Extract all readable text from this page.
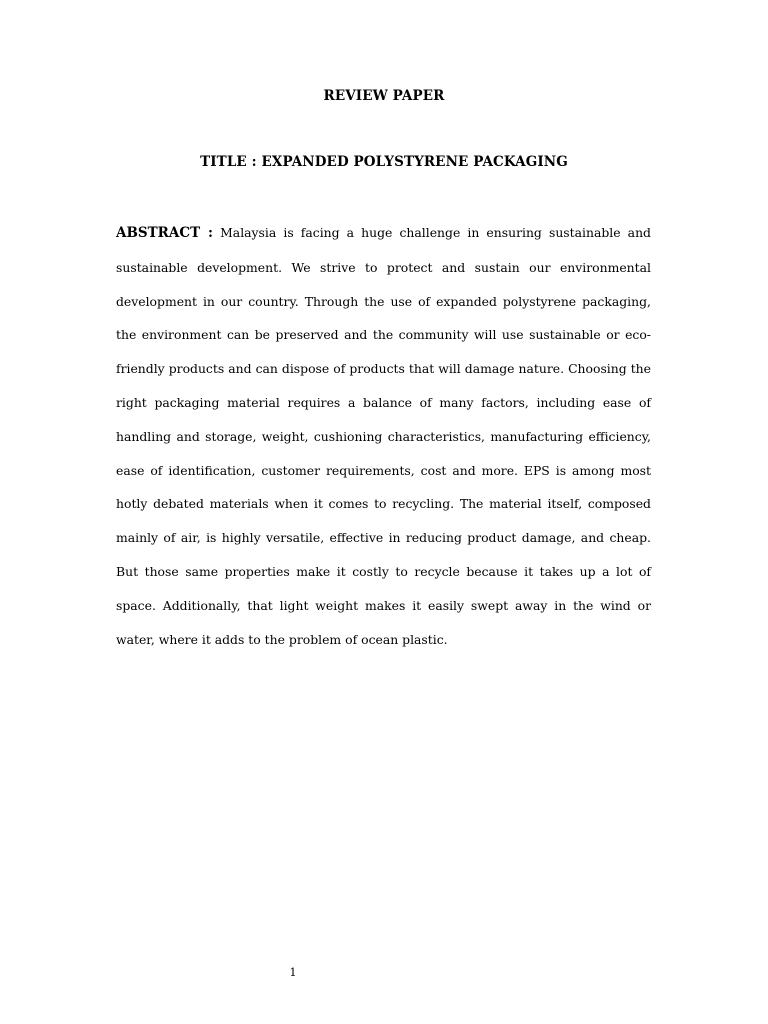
REVIEW PAPER
TITLE : EXPANDED POLYSTYRENE PACKAGING
ABSTRACT : Malaysia is facing a huge challenge in ensuring sustainable and sustainable development. We strive to protect and sustain our environmental development in our country. Through the use of expanded polystyrene packaging, the environment can be preserved and the community will use sustainable or eco-friendly products and can dispose of products that will damage nature. Choosing the right packaging material requires a balance of many factors, including ease of handling and storage, weight, cushioning characteristics, manufacturing efficiency, ease of identification, customer requirements, cost and more. EPS is among most hotly debated materials when it comes to recycling. The material itself, composed mainly of air, is highly versatile, effective in reducing product damage, and cheap. But those same properties make it costly to recycle because it takes up a lot of space. Additionally, that light weight makes it easily swept away in the wind or water, where it adds to the problem of ocean plastic.
1
